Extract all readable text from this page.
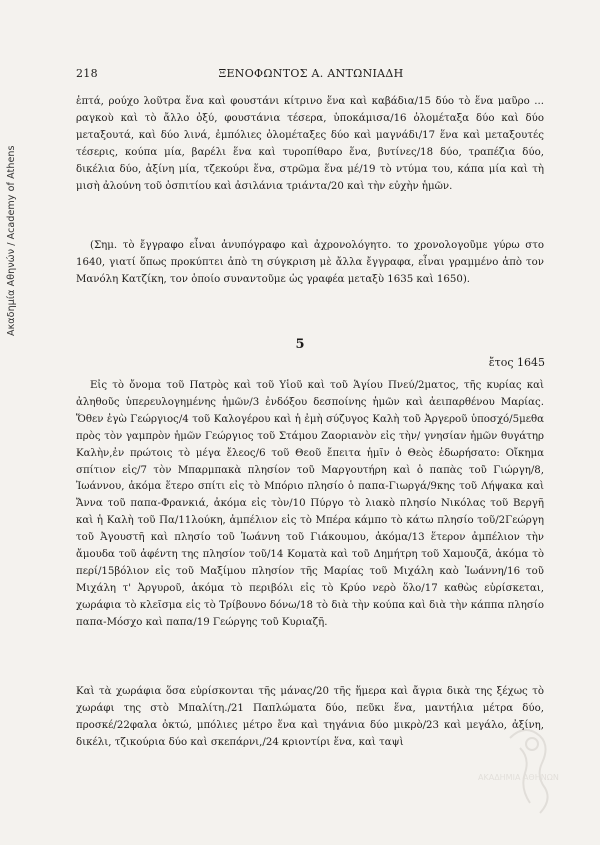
Ακαδημία Αθηνών / Academy of Athens
218	ΞΕΝΟΦΩΝΤΟΣ Α. ΑΝΤΩΝΙΑΔΗ

ἑπτά, ρούχο λοῦτρα ἕνα καὶ φουστάνι κίτρινο ἕνα καὶ καβάδια/15 δύο τὸ ἕνα μαῦρο ... ραγκοὺ καὶ τὸ ἄλλο ὀξύ, φουστάνια τέσερα, ὑποκάμισα/16 ὁλομέταξα δύο καὶ δύο μεταξουτά, καὶ δύο λινά, ἐμπόλιες ὁλομέταξες δύο καὶ μαγνάδι/17 ἕνα καὶ μεταξουτές τέσερις, κούπα μία, βαρέλι ἕνα καὶ τυροπίθαρο ἕνα, βυτίνες/18 δύο, τραπέζια δύο, δικέλια δύο, ἀξίνη μία, τζεκούρι ἕνα, στρῶμα ἕνα μέ/19 τὸ ντύμα του, κάπα μία καὶ τὴ μισὴ ἀλούνη τοῦ ὀσπιτίου καὶ ἀσιλάνια τριάντα/20 καὶ τὴν εὐχὴν ἡμῶν.

(Σημ. τὸ ἔγγραφο εἶναι ἀνυπόγραφο καὶ ἀχρονολόγητο. το χρονολογοῦμε γύρω στο 1640, γιατί ὅπως προκύπτει ἀπὸ τη σύγκριση μὲ ἄλλα ἔγγραφα, εἶναι γραμμένο ἀπὸ τον Μανόλη Κατζίκη, τον ὁποίο συναντοῦμε ὡς γραφέα μεταξὺ 1635 καὶ 1650).

5
ἔτος 1645

Εἰς τὸ ὄνομα τοῦ Πατρὸς καὶ τοῦ Υἱοῦ καὶ τοῦ Ἁγίου Πνεύ/2ματος, τῆς κυρίας καὶ ἀληθοῦς ὑπερευλογημένης ἡμῶν/3 ἐνδόξου δεσποίνης ἡμῶν καὶ ἀειπαρθένου Μαρίας. Ὅθεν ἐγὼ Γεώργιος/4 τοῦ Καλογέρου καὶ ἡ ἐμὴ σύζυγος Καλὴ τοῦ Ἀργεροῦ ὑποσχό/5μεθα πρὸς τὸν γαμπρὸν ἡμῶν Γεώργιος τοῦ Στάμου Ζαοριανὸν εἰς τὴν/ γνησίαν ἡμῶν θυγάτηρ Καλὴν,ἐν πρώτοις τὸ μέγα ἔλεος/6 τοῦ Θεοῦ ἔπειτα ἡμῖν ὁ Θεὸς ἐδωρήσατο: Οἴκημα σπίτιον εἰς/7 τὸν Μπαρμπακὰ πλησίον τοῦ Μαργουτήρη καὶ ὁ παπὰς τοῦ Γιώργη/8, Ἰωάννου, ἀκόμα ἕτερο σπίτι εἰς τὸ Μπόριο πλησίο ὁ παπα-Γιωργά/9κης τοῦ Λήψακα καὶ Ἄννα τοῦ παπα-Φρανκιά, ἀκόμα εἰς τὸν/10 Πύργο τὸ λιακὸ πλησίο Νικόλας τοῦ Βεργῆ καὶ ἡ Καλὴ τοῦ Πα/11λούκη, ἀμπέλιον εἰς τὸ Μπέρα κάμπο τὸ κάτω πλησίο τοῦ/2Γεώργη τοῦ Ἀγουστῆ καὶ πλησίο τοῦ Ἰωάννη τοῦ Γιάκουμου, ἀκόμα/13 ἕτερον ἀμπέλιον τὴν ἄμουδα τοῦ ἀφέντη της πλησίον τοῦ/14 Κοματὰ καὶ τοῦ Δημήτρη τοῦ Χαμουζᾶ, ἀκόμα τὸ περί/15βόλιον εἰς τοῦ Μαξίμου πλησίον τῆς Μαρίας τοῦ Μιχάλη καὸ Ἰωάννη/16 τοῦ Μιχάλη τ' Ἀργυροῦ, ἀκόμα τὸ περιβόλι εἰς τὸ Κρύο νερὸ ὅλο/17 καθὼς εὑρίσκεται, χωράφια τὸ κλεῖσμα εἰς τὸ Τρίβουνο δόνω/18 τὸ διὰ τὴν κούπα καὶ διὰ τὴν κάππα πλησίο παπα-Μόσχο καὶ παπα/19 Γεώργης τοῦ Κυριαζῆ.

Καὶ τὰ χωράφια ὅσα εὑρίσκονται τῆς μάνας/20 τῆς ἥμερα καὶ ἄγρια δικὰ της ξέχως τὸ χωράφι της στὸ Μπαλίτη./21 Παπλώματα δύο, πεῦκι ἕνα, μαντήλια μέτρα δύο, προσκέ/22φαλα ὀκτώ, μπόλιες μέτρο ἕνα καὶ τηγάνια δύο μικρὸ/23 καὶ μεγάλο, ἀξίνη, δικέλι, τζικούρια δύο καὶ σκεπάρνι,/24 κριοντίρι ἕνα, καὶ ταψὶ

ΑΚΑΔΗΜΙΑ ΑΘΗΝΩΝ
